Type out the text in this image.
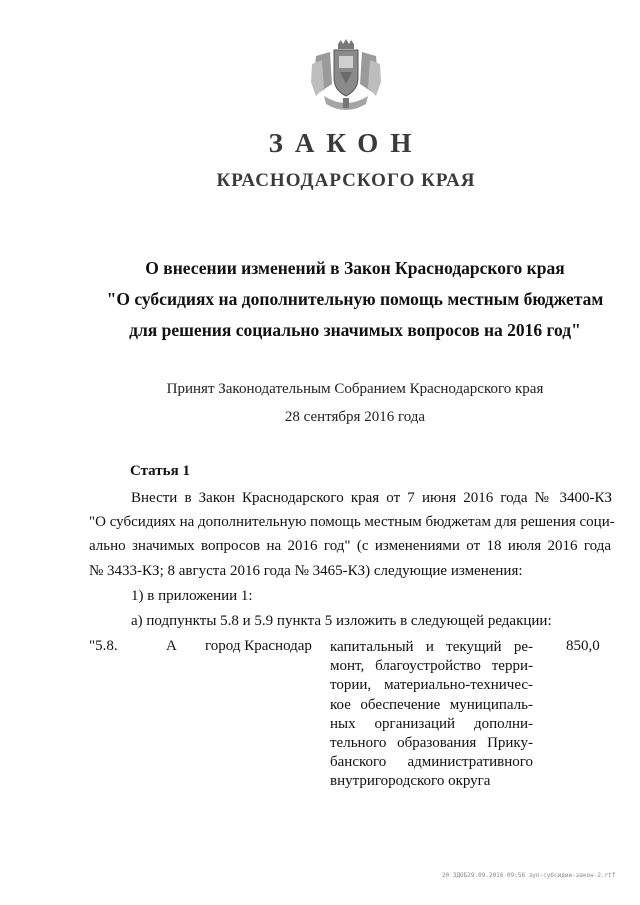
ЗАКОН
КРАСНОДАРСКОГО КРАЯ
О внесении изменений в Закон Краснодарского края
"О субсидиях на дополнительную помощь местным бюджетам
для решения социально значимых вопросов на 2016 год"
Принят Законодательным Собранием Краснодарского края
28 сентября 2016 года
Статья 1
Внести в Закон Краснодарского края от 7 июня 2016 года № 3400-КЗ
"О субсидиях на дополнительную помощь местным бюджетам для решения соци-
ально значимых вопросов на 2016 год" (с изменениями от 18 июля 2016 года
№ 3433-КЗ; 8 августа 2016 года № 3465-КЗ) следующие изменения:
1) в приложении 1:
а) подпункты 5.8 и 5.9 пункта 5 изложить в следующей редакции:
"5.8.	А город Краснодар капитальный и текущий ре-
монт, благоустройство терри-
тории, материально-техничес-
кое обеспечение муниципаль-
ных организаций дополни-
тельного образования Прику-
банского административного
внутригородского округа
850,0
20 3ДОБ29.09.2016 09:56 зуп-субсидии-закон-2.rtf
